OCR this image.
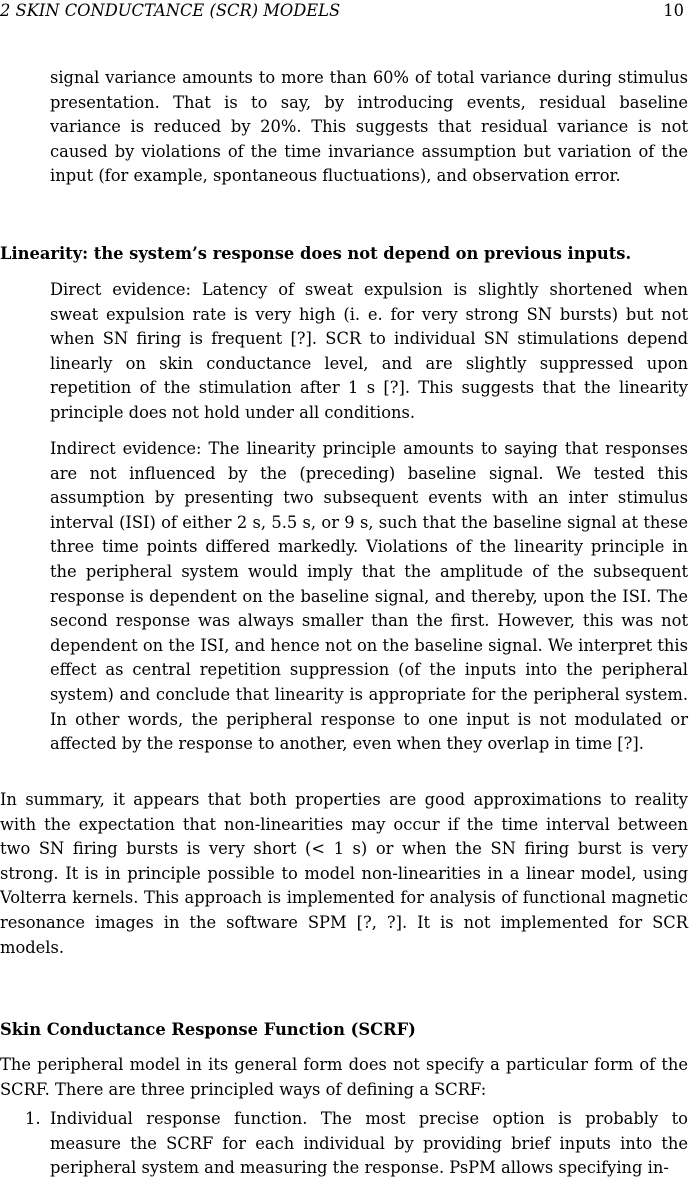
2 SKIN CONDUCTANCE (SCR) MODELS	10

signal variance amounts to more than 60% of total variance during stimulus presentation. That is to say, by introducing events, residual baseline variance is reduced by 20%. This suggests that residual variance is not caused by violations of the time invariance assumption but variation of the input (for example, spontaneous fluctuations), and observation error.

Linearity: the system’s response does not depend on previous inputs.

Direct evidence: Latency of sweat expulsion is slightly shortened when sweat expulsion rate is very high (i. e. for very strong SN bursts) but not when SN firing is frequent [?]. SCR to individual SN stimulations depend linearly on skin conductance level, and are slightly suppressed upon repetition of the stimulation after 1 s [?]. This suggests that the linearity principle does not hold under all conditions.

Indirect evidence: The linearity principle amounts to saying that responses are not influenced by the (preceding) baseline signal. We tested this assumption by presenting two subsequent events with an inter stimulus interval (ISI) of either 2 s, 5.5 s, or 9 s, such that the baseline signal at these three time points differed markedly. Violations of the linearity principle in the peripheral system would imply that the amplitude of the subsequent response is dependent on the baseline signal, and thereby, upon the ISI. The second response was always smaller than the first. However, this was not dependent on the ISI, and hence not on the baseline signal. We interpret this effect as central repetition suppression (of the inputs into the peripheral system) and conclude that linearity is appropriate for the peripheral system. In other words, the peripheral response to one input is not modulated or affected by the response to another, even when they overlap in time [?].

In summary, it appears that both properties are good approximations to reality with the expectation that non-linearities may occur if the time interval between two SN firing bursts is very short (< 1 s) or when the SN firing burst is very strong. It is in principle possible to model non-linearities in a linear model, using Volterra kernels. This approach is implemented for analysis of functional magnetic resonance images in the software SPM [?, ?]. It is not implemented for SCR models.

Skin Conductance Response Function (SCRF)

The peripheral model in its general form does not specify a particular form of the SCRF. There are three principled ways of defining a SCRF:

1. Individual response function. The most precise option is probably to measure the SCRF for each individual by providing brief inputs into the peripheral system and measuring the response. PsPM allows specifying in-
